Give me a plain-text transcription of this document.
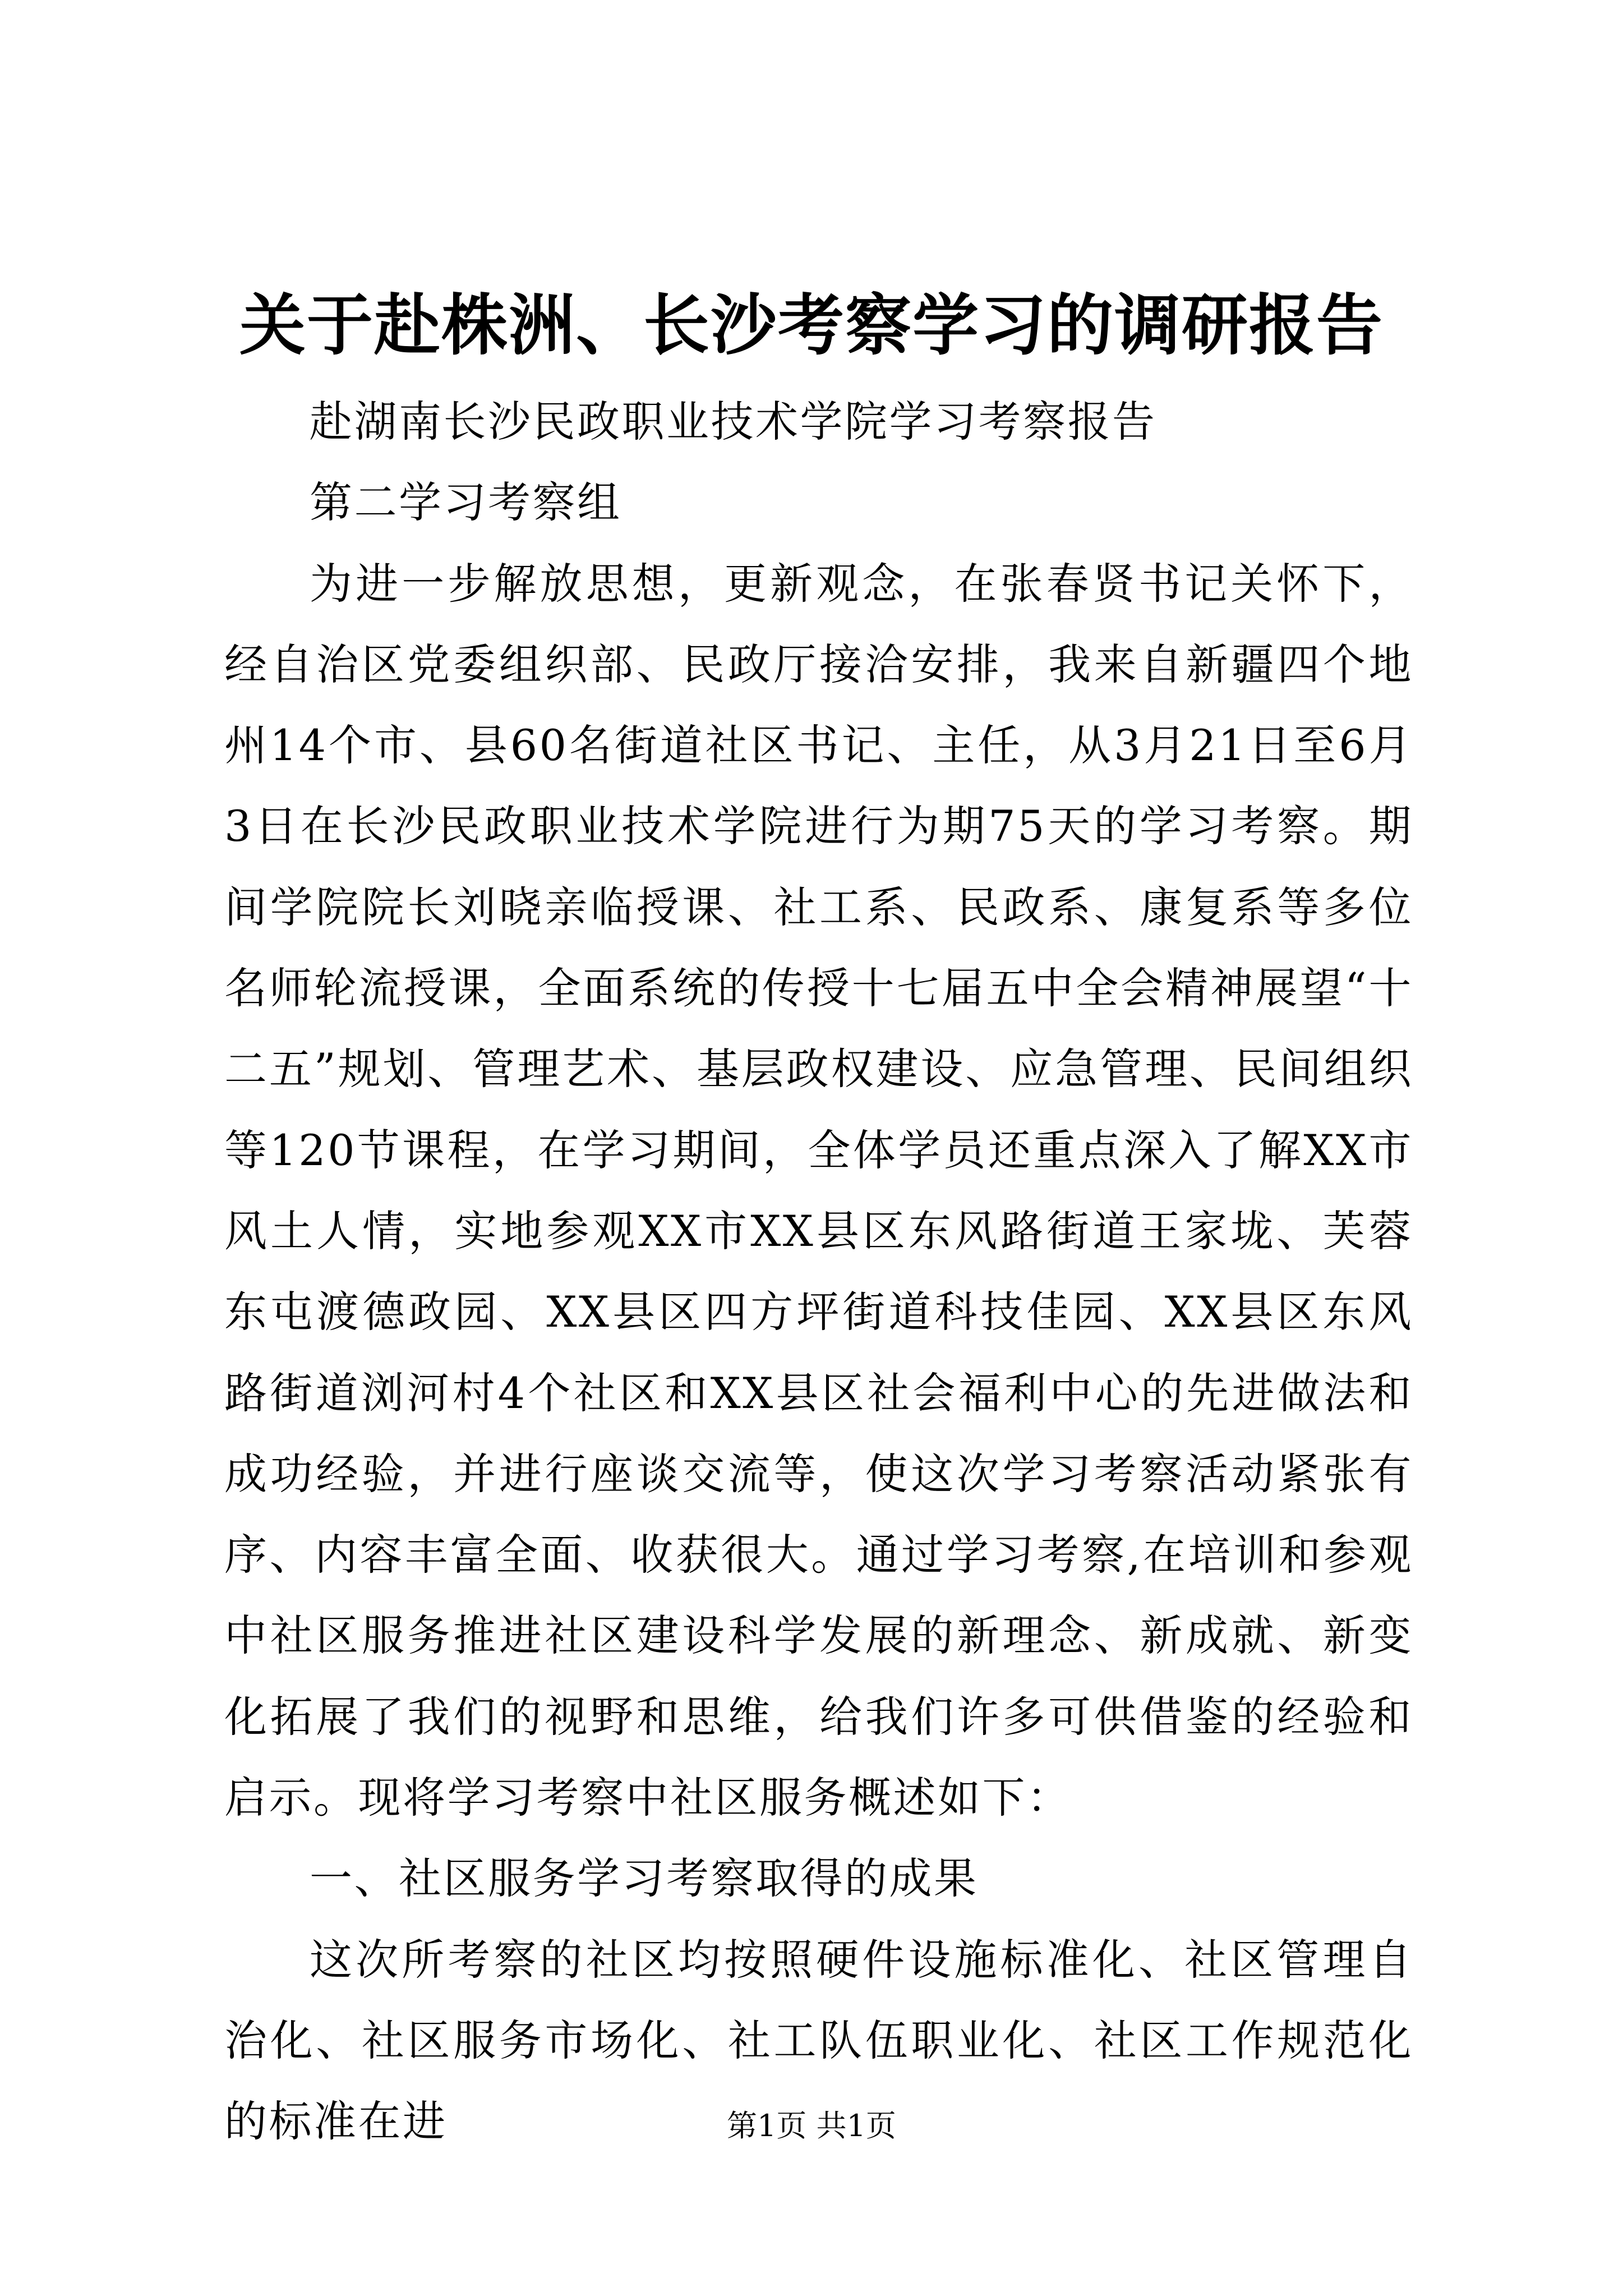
关于赴株洲、长沙考察学习的调研报告

赴湖南长沙民政职业技术学院学习考察报告

第二学习考察组

为进一步解放思想，更新观念，在张春贤书记关怀下，经自治区党委组织部、民政厅接洽安排，我来自新疆四个地州14个市、县60名街道社区书记、主任，从3月21日至6月3日在长沙民政职业技术学院进行为期75天的学习考察。期间学院院长刘晓亲临授课、社工系、民政系、康复系等多位名师轮流授课，全面系统的传授十七届五中全会精神展望“十二五”规划、管理艺术、基层政权建设、应急管理、民间组织等120节课程，在学习期间，全体学员还重点深入了解XX市风土人情，实地参观XX市XX县区东风路街道王家垅、芙蓉东屯渡德政园、XX县区四方坪街道科技佳园、XX县区东风路街道浏河村4个社区和XX县区社会福利中心的先进做法和成功经验，并进行座谈交流等，使这次学习考察活动紧张有序、内容丰富全面、收获很大。通过学习考察,在培训和参观中社区服务推进社区建设科学发展的新理念、新成就、新变化拓展了我们的视野和思维，给我们许多可供借鉴的经验和启示。现将学习考察中社区服务概述如下：

一、社区服务学习考察取得的成果

这次所考察的社区均按照硬件设施标准化、社区管理自治化、社区服务市场化、社工队伍职业化、社区工作规范化的标准在进	第1页 共1页
